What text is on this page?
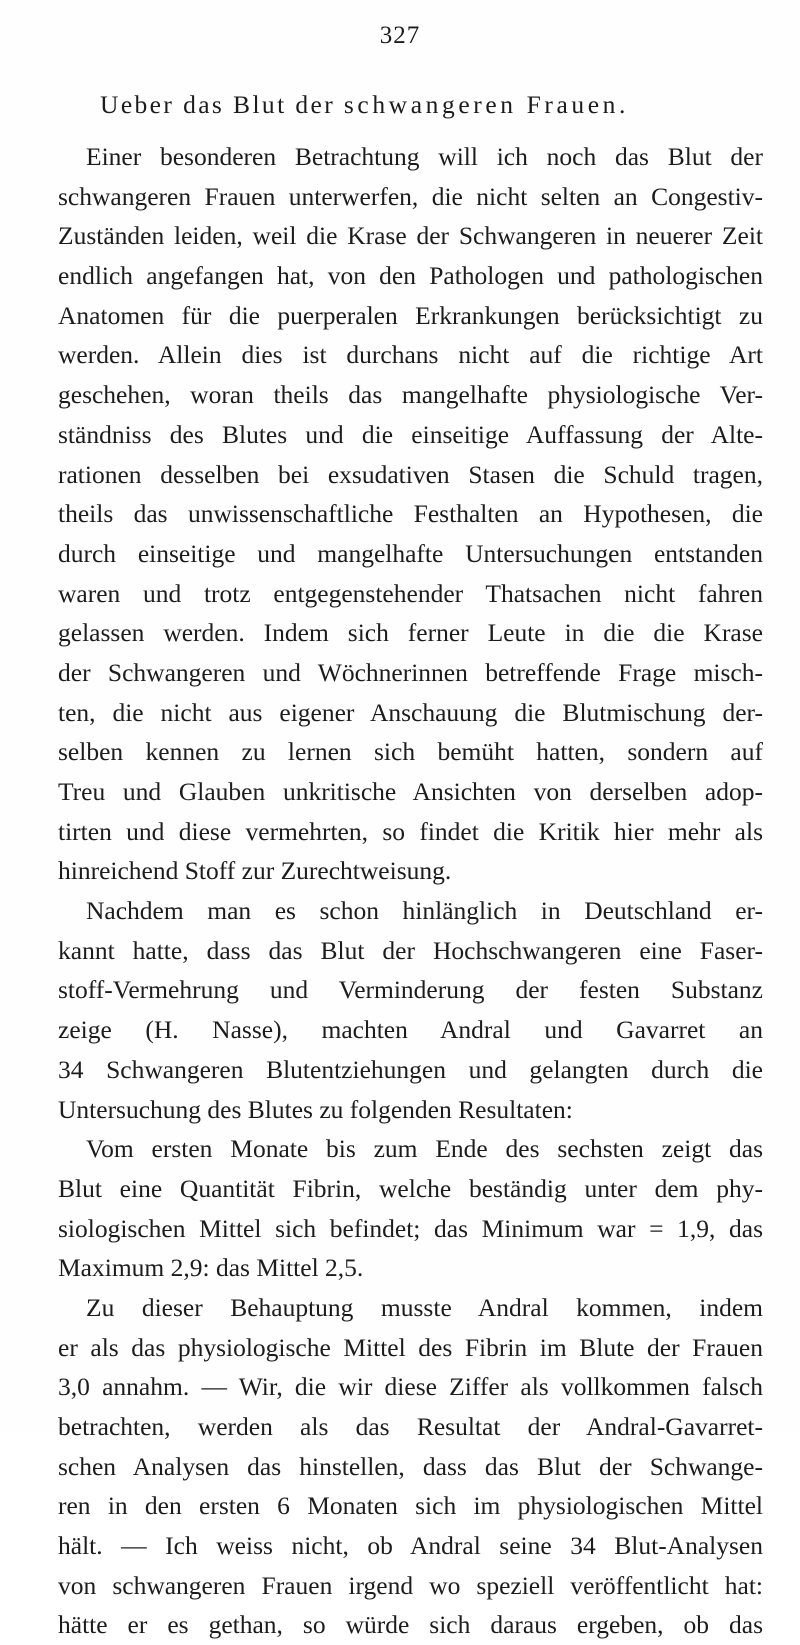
327
Ueber das Blut der schwangeren Frauen.
Einer besonderen Betrachtung will ich noch das Blut der
schwangeren Frauen unterwerfen, die nicht selten an Congestiv-
Zuständen leiden, weil die Krase der Schwangeren in neuerer Zeit
endlich angefangen hat, von den Pathologen und pathologischen
Anatomen für die puerperalen Erkrankungen berücksichtigt zu
werden. Allein dies ist durchans nicht auf die richtige Art
geschehen, woran theils das mangelhafte physiologische Ver-
ständniss des Blutes und die einseitige Auffassung der Alte-
rationen desselben bei exsudativen Stasen die Schuld tragen,
theils das unwissenschaftliche Festhalten an Hypothesen, die
durch einseitige und mangelhafte Untersuchungen entstanden
waren und trotz entgegenstehender Thatsachen nicht fahren
gelassen werden. Indem sich ferner Leute in die die Krase
der Schwangeren und Wöchnerinnen betreffende Frage misch-
ten, die nicht aus eigener Anschauung die Blutmischung der-
selben kennen zu lernen sich bemüht hatten, sondern auf
Treu und Glauben unkritische Ansichten von derselben adop-
tirten und diese vermehrten, so findet die Kritik hier mehr als
hinreichend Stoff zur Zurechtweisung.
Nachdem man es schon hinlänglich in Deutschland er-
kannt hatte, dass das Blut der Hochschwangeren eine Faser-
stoff-Vermehrung und Verminderung der festen Substanz
zeige (H. Nasse), machten Andral und Gavarret an
34 Schwangeren Blutentziehungen und gelangten durch die
Untersuchung des Blutes zu folgenden Resultaten:
Vom ersten Monate bis zum Ende des sechsten zeigt das
Blut eine Quantität Fibrin, welche beständig unter dem phy-
siologischen Mittel sich befindet; das Minimum war = 1,9, das
Maximum 2,9: das Mittel 2,5.
Zu dieser Behauptung musste Andral kommen, indem
er als das physiologische Mittel des Fibrin im Blute der Frauen
3,0 annahm. — Wir, die wir diese Ziffer als vollkommen falsch
betrachten, werden als das Resultat der Andral-Gavarret-
schen Analysen das hinstellen, dass das Blut der Schwange-
ren in den ersten 6 Monaten sich im physiologischen Mittel
hält. — Ich weiss nicht, ob Andral seine 34 Blut-Analysen
von schwangeren Frauen irgend wo speziell veröffentlicht hat:
hätte er es gethan, so würde sich daraus ergeben, ob das
